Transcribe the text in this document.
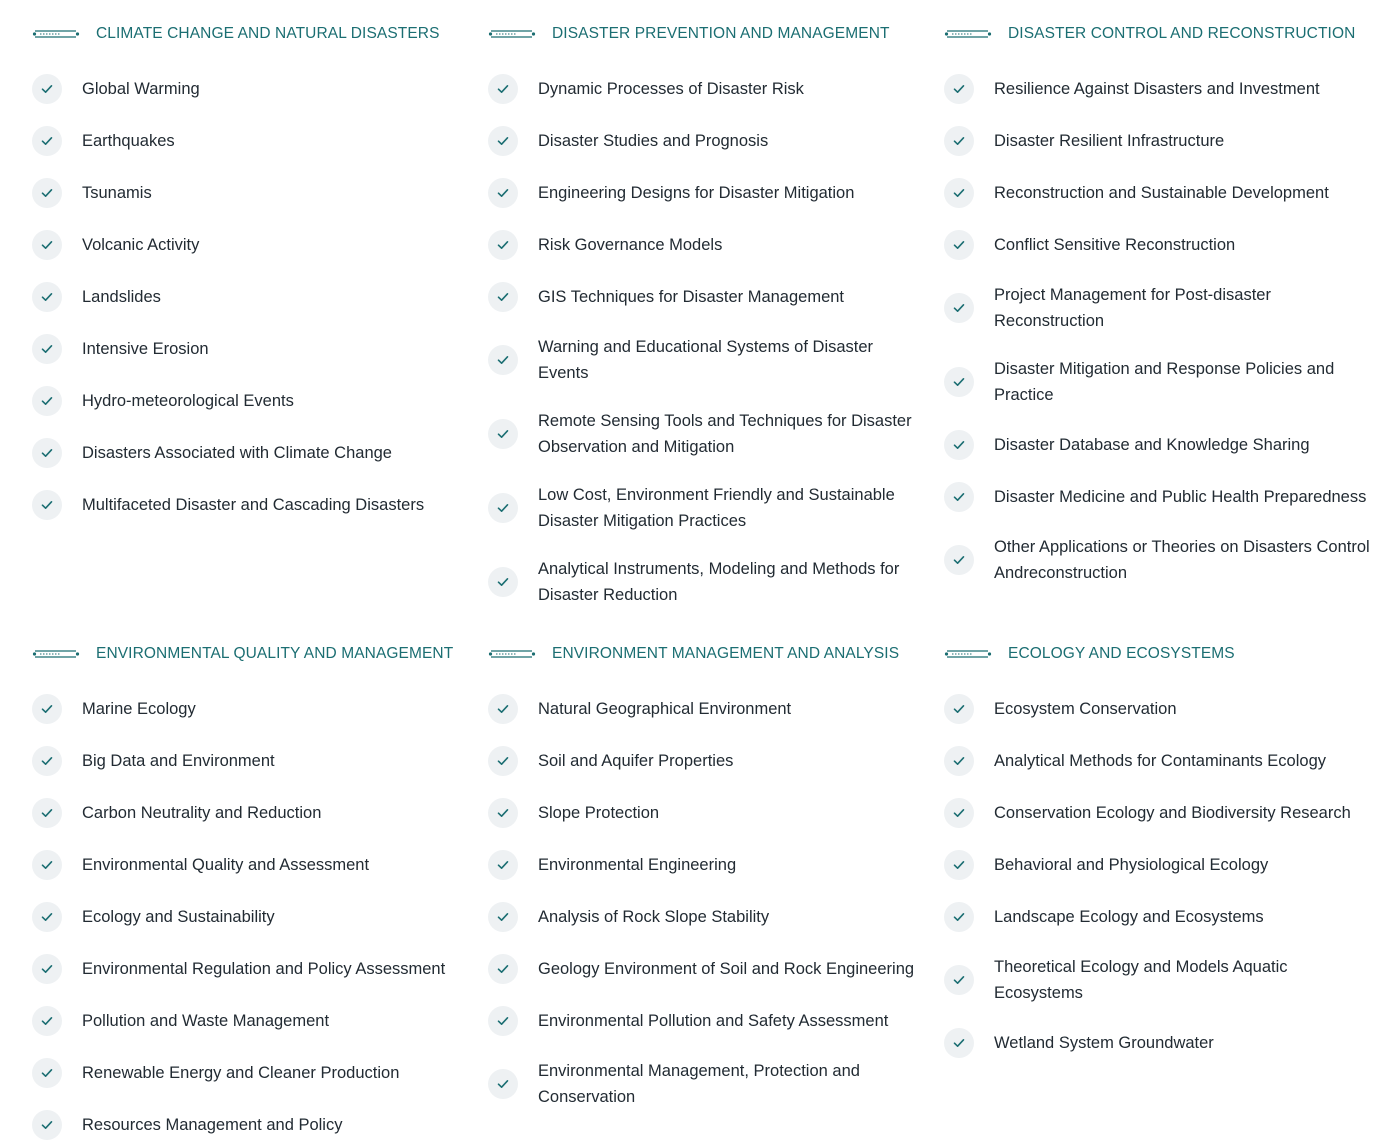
CLIMATE CHANGE AND NATURAL DISASTERS
Global Warming
Earthquakes
Tsunamis
Volcanic Activity
Landslides
Intensive Erosion
Hydro-meteorological Events
Disasters Associated with Climate Change
Multifaceted Disaster and Cascading Disasters
DISASTER PREVENTION AND MANAGEMENT
Dynamic Processes of Disaster Risk
Disaster Studies and Prognosis
Engineering Designs for Disaster Mitigation
Risk Governance Models
GIS Techniques for Disaster Management
Warning and Educational Systems of Disaster Events
Remote Sensing Tools and Techniques for Disaster Observation and Mitigation
Low Cost, Environment Friendly and Sustainable Disaster Mitigation Practices
Analytical Instruments, Modeling and Methods for Disaster Reduction
DISASTER CONTROL AND RECONSTRUCTION
Resilience Against Disasters and Investment
Disaster Resilient Infrastructure
Reconstruction and Sustainable Development
Conflict Sensitive Reconstruction
Project Management for Post-disaster Reconstruction
Disaster Mitigation and Response Policies and Practice
Disaster Database and Knowledge Sharing
Disaster Medicine and Public Health Preparedness
Other Applications or Theories on Disasters Control Andreconstruction
ENVIRONMENTAL QUALITY AND MANAGEMENT
Marine Ecology
Big Data and Environment
Carbon Neutrality and Reduction
Environmental Quality and Assessment
Ecology and Sustainability
Environmental Regulation and Policy Assessment
Pollution and Waste Management
Renewable Energy and Cleaner Production
Resources Management and Policy
ENVIRONMENT MANAGEMENT AND ANALYSIS
Natural Geographical Environment
Soil and Aquifer Properties
Slope Protection
Environmental Engineering
Analysis of Rock Slope Stability
Geology Environment of Soil and Rock Engineering
Environmental Pollution and Safety Assessment
Environmental Management, Protection and Conservation
ECOLOGY AND ECOSYSTEMS
Ecosystem Conservation
Analytical Methods for Contaminants Ecology
Conservation Ecology and Biodiversity Research
Behavioral and Physiological Ecology
Landscape Ecology and Ecosystems
Theoretical Ecology and Models Aquatic Ecosystems
Wetland System Groundwater
